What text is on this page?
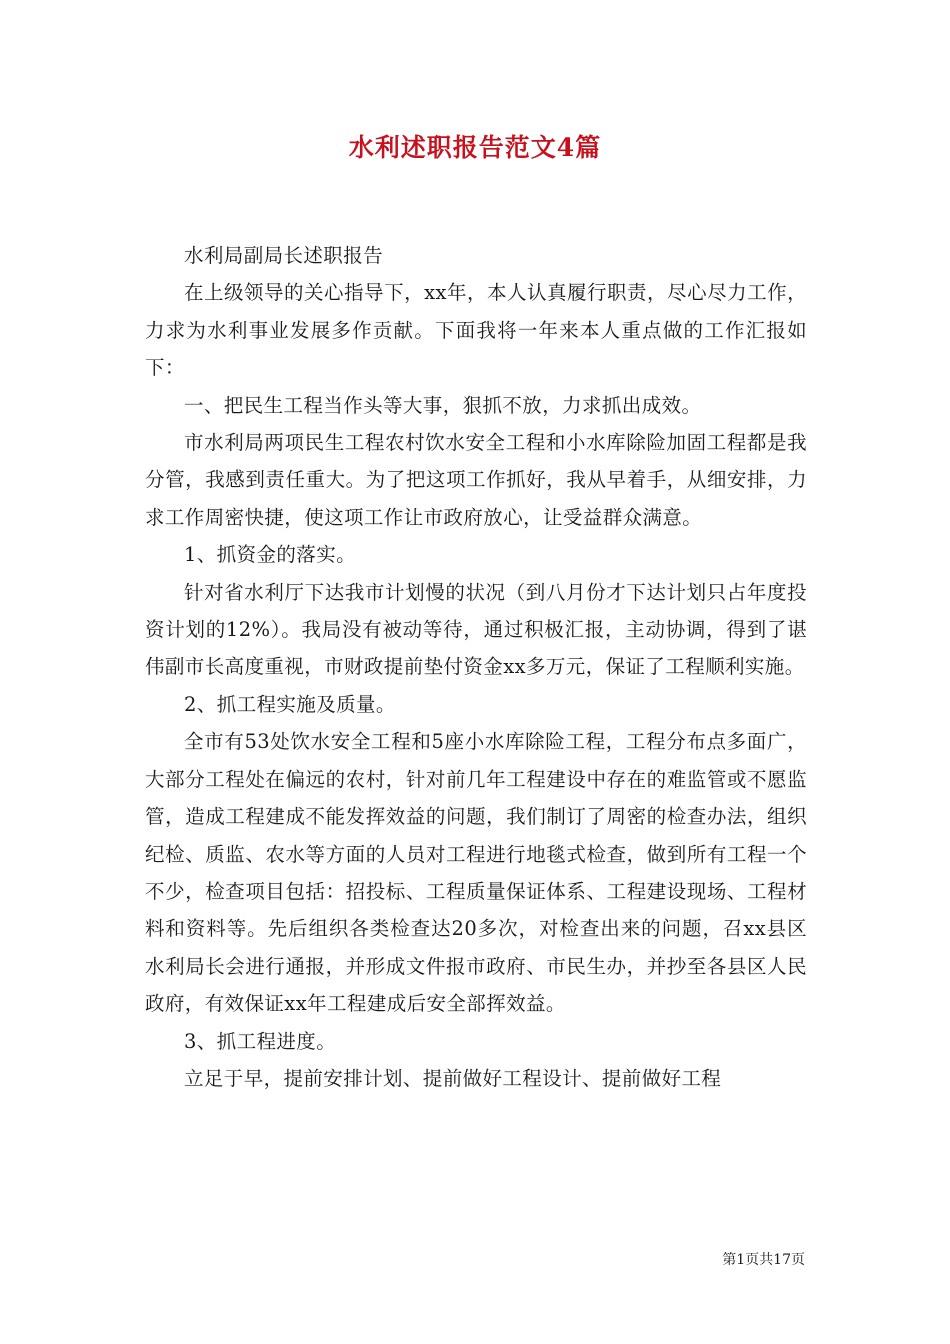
水利述职报告范文4篇

水利局副局长述职报告

在上级领导的关心指导下，xx年，本人认真履行职责，尽心尽力工作，力求为水利事业发展多作贡献。下面我将一年来本人重点做的工作汇报如下：

一、把民生工程当作头等大事，狠抓不放，力求抓出成效。

市水利局两项民生工程农村饮水安全工程和小水库除险加固工程都是我分管，我感到责任重大。为了把这项工作抓好，我从早着手，从细安排，力求工作周密快捷，使这项工作让市政府放心，让受益群众满意。

1、抓资金的落实。

针对省水利厅下达我市计划慢的状况（到八月份才下达计划只占年度投资计划的12%）。我局没有被动等待，通过积极汇报，主动协调，得到了谌伟副市长高度重视，市财政提前垫付资金xx多万元，保证了工程顺利实施。

2、抓工程实施及质量。

全市有53处饮水安全工程和5座小水库除险工程，工程分布点多面广，大部分工程处在偏远的农村，针对前几年工程建设中存在的难监管或不愿监管，造成工程建成不能发挥效益的问题，我们制订了周密的检查办法，组织纪检、质监、农水等方面的人员对工程进行地毯式检查，做到所有工程一个不少，检查项目包括：招投标、工程质量保证体系、工程建设现场、工程材料和资料等。先后组织各类检查达20多次，对检查出来的问题，召xx县区水利局长会进行通报，并形成文件报市政府、市民生办，并抄至各县区人民政府，有效保证xx年工程建成后安全部挥效益。

3、抓工程进度。

立足于早，提前安排计划、提前做好工程设计、提前做好工程

第1页共17页
